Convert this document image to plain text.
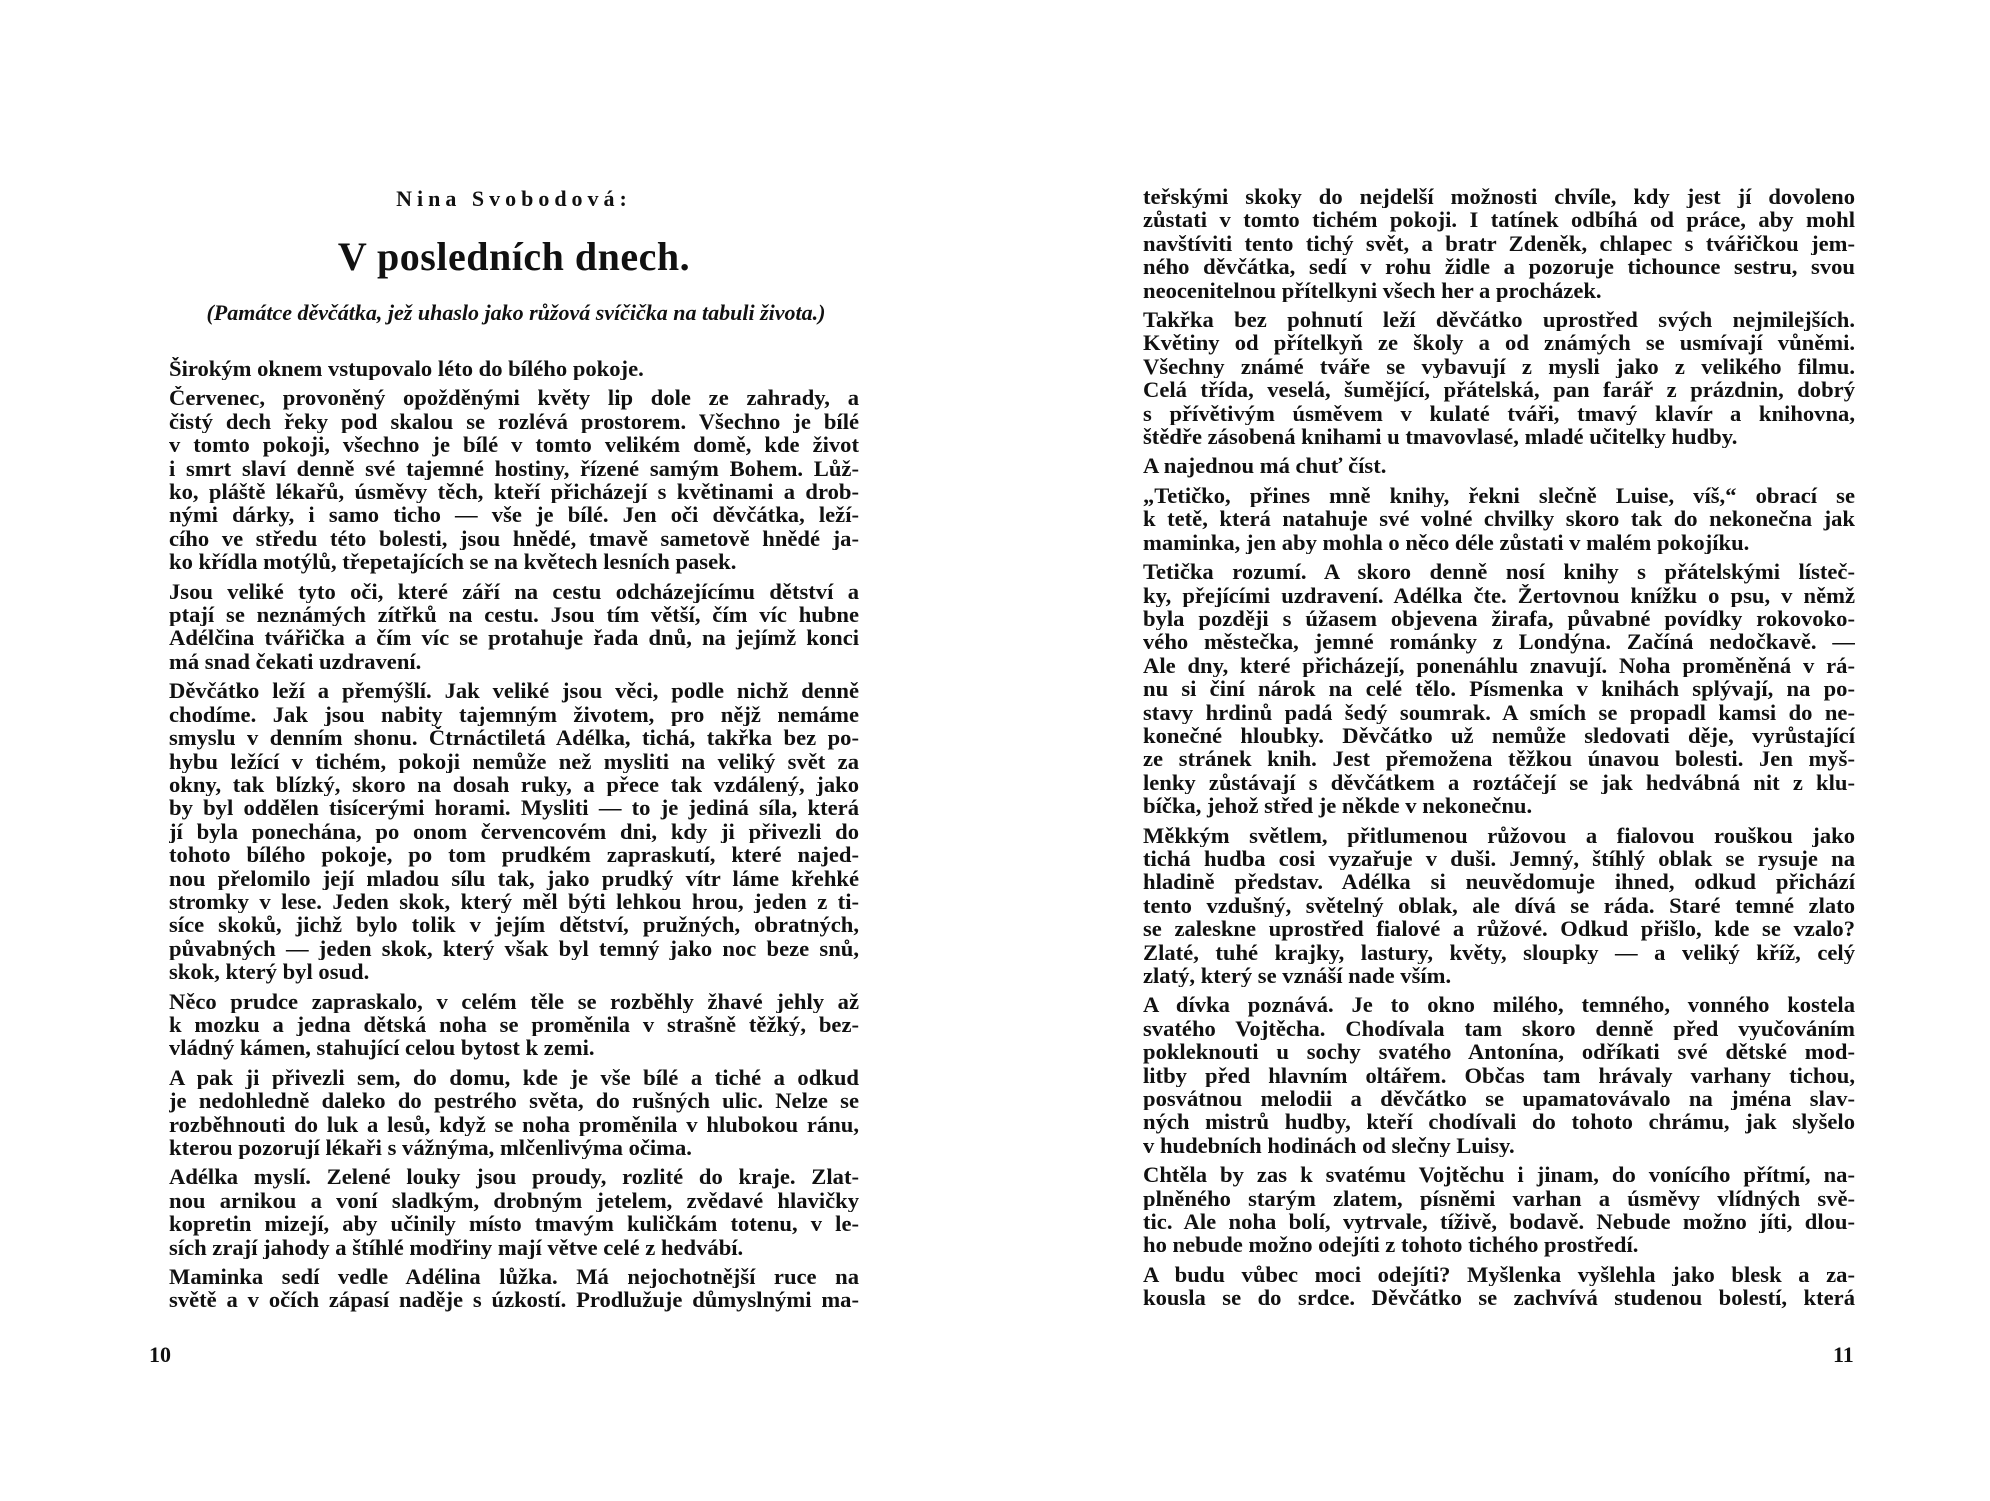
Nina Svobodová:
V posledních dnech.
(Památce děvčátka, jež uhaslo jako růžová svíčička na tabuli života.)
Širokým oknem vstupovalo léto do bílého pokoje.
Červenec, provoněný opožděnými květy lip dole ze zahrady, a
čistý dech řeky pod skalou se rozlévá prostorem. Všechno je bílé
v tomto pokoji, všechno je bílé v tomto velikém domě, kde život
i smrt slaví denně své tajemné hostiny, řízené samým Bohem. Lůž-
ko, pláště lékařů, úsměvy těch, kteří přicházejí s květinami a drob-
nými dárky, i samo ticho — vše je bílé. Jen oči děvčátka, leží-
cího ve středu této bolesti, jsou hnědé, tmavě sametově hnědé ja-
ko křídla motýlů, třepetajících se na květech lesních pasek.
Jsou veliké tyto oči, které září na cestu odcházejícímu dětství a
ptají se neznámých zítřků na cestu. Jsou tím větší, čím víc hubne
Adélčina tvářička a čím víc se protahuje řada dnů, na jejímž konci
má snad čekati uzdravení.
Děvčátko leží a přemýšlí. Jak veliké jsou věci, podle nichž denně
chodíme. Jak jsou nabity tajemným životem, pro nějž nemáme
smyslu v denním shonu. Čtrnáctiletá Adélka, tichá, takřka bez po-
hybu ležící v tichém, pokoji nemůže než mysliti na veliký svět za
okny, tak blízký, skoro na dosah ruky, a přece tak vzdálený, jako
by byl oddělen tisícerými horami. Mysliti — to je jediná síla, která
jí byla ponechána, po onom červencovém dni, kdy ji přivezli do
tohoto bílého pokoje, po tom prudkém zapraskutí, které najed-
nou přelomilo její mladou sílu tak, jako prudký vítr láme křehké
stromky v lese. Jeden skok, který měl býti lehkou hrou, jeden z ti-
síce skoků, jichž bylo tolik v jejím dětství, pružných, obratných,
půvabných — jeden skok, který však byl temný jako noc beze snů,
skok, který byl osud.
Něco prudce zapraskalo, v celém těle se rozběhly žhavé jehly až
k mozku a jedna dětská noha se proměnila v strašně těžký, bez-
vládný kámen, stahující celou bytost k zemi.
A pak ji přivezli sem, do domu, kde je vše bílé a tiché a odkud
je nedohledně daleko do pestrého světa, do rušných ulic. Nelze se
rozběhnouti do luk a lesů, když se noha proměnila v hlubokou ránu,
kterou pozorují lékaři s vážnýma, mlčenlivýma očima.
Adélka myslí. Zelené louky jsou proudy, rozlité do kraje. Zlat-
nou arnikou a voní sladkým, drobným jetelem, zvědavé hlavičky
kopretin mizejí, aby učinily místo tmavým kuličkám totenu, v le-
sích zrají jahody a štíhlé modřiny mají větve celé z hedvábí.
Maminka sedí vedle Adélina lůžka. Má nejochotnější ruce na
světě a v očích zápasí naděje s úzkostí. Prodlužuje důmyslnými ma-
10
teřskými skoky do nejdelší možnosti chvíle, kdy jest jí dovoleno
zůstati v tomto tichém pokoji. I tatínek odbíhá od práce, aby mohl
navštíviti tento tichý svět, a bratr Zdeněk, chlapec s tvářičkou jem-
ného děvčátka, sedí v rohu židle a pozoruje tichounce sestru, svou
neocenitelnou přítelkyni všech her a procházek.
Takřka bez pohnutí leží děvčátko uprostřed svých nejmilejších.
Květiny od přítelkyň ze školy a od známých se usmívají vůněmi.
Všechny známé tváře se vybavují z mysli jako z velikého filmu.
Celá třída, veselá, šumějící, přátelská, pan farář z prázdnin, dobrý
s přívětivým úsměvem v kulaté tváři, tmavý klavír a knihovna,
štědře zásobená knihami u tmavovlasé, mladé učitelky hudby.
A najednou má chuť číst.
„Tetičko, přines mně knihy, řekni slečně Luise, víš,“ obrací se
k tetě, která natahuje své volné chvilky skoro tak do nekonečna jak
maminka, jen aby mohla o něco déle zůstati v malém pokojíku.
Tetička rozumí. A skoro denně nosí knihy s přátelskými lísteč-
ky, přejícími uzdravení. Adélka čte. Žertovnou knížku o psu, v němž
byla později s úžasem objevena žirafa, půvabné povídky rokovoko-
vého městečka, jemné románky z Londýna. Začíná nedočkavě. —
Ale dny, které přicházejí, ponenáhlu znavují. Noha proměněná v rá-
nu si činí nárok na celé tělo. Písmenka v knihách splývají, na po-
stavy hrdinů padá šedý soumrak. A smích se propadl kamsi do ne-
konečné hloubky. Děvčátko už nemůže sledovati děje, vyrůstající
ze stránek knih. Jest přemožena těžkou únavou bolesti. Jen myš-
lenky zůstávají s děvčátkem a roztáčejí se jak hedvábná nit z klu-
bíčka, jehož střed je někde v nekonečnu.
Měkkým světlem, přitlumenou růžovou a fialovou rouškou jako
tichá hudba cosi vyzařuje v duši. Jemný, štíhlý oblak se rysuje na
hladině představ. Adélka si neuvědomuje ihned, odkud přichází
tento vzdušný, světelný oblak, ale dívá se ráda. Staré temné zlato
se zaleskne uprostřed fialové a růžové. Odkud přišlo, kde se vzalo?
Zlaté, tuhé krajky, lastury, květy, sloupky — a veliký kříž, celý
zlatý, který se vznáší nade vším.
A dívka poznává. Je to okno milého, temného, vonného kostela
svatého Vojtěcha. Chodívala tam skoro denně před vyučováním
pokleknouti u sochy svatého Antonína, odříkati své dětské mod-
litby před hlavním oltářem. Občas tam hrávaly varhany tichou,
posvátnou melodii a děvčátko se upamatovávalo na jména slav-
ných mistrů hudby, kteří chodívali do tohoto chrámu, jak slyšelo
v hudebních hodinách od slečny Luisy.
Chtěla by zas k svatému Vojtěchu i jinam, do vonícího přítmí, na-
plněného starým zlatem, písněmi varhan a úsměvy vlídných svě-
tic. Ale noha bolí, vytrvale, tíživě, bodavě. Nebude možno jíti, dlou-
ho nebude možno odejíti z tohoto tichého prostředí.
A budu vůbec moci odejíti? Myšlenka vyšlehla jako blesk a za-
kousla se do srdce. Děvčátko se zachvívá studenou bolestí, která
11
